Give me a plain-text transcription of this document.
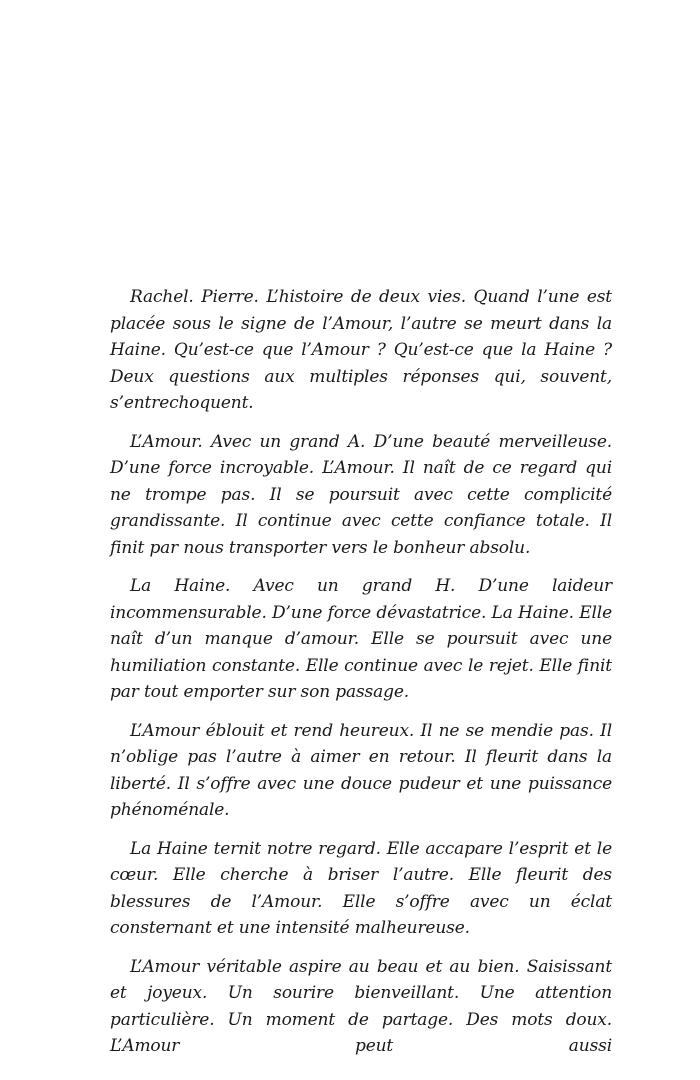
Rachel. Pierre. L’histoire de deux vies. Quand l’une est placée sous le signe de l’Amour, l’autre se meurt dans la Haine. Qu’est-ce que l’Amour ? Qu’est-ce que la Haine ? Deux questions aux multiples réponses qui, souvent, s’entrechoquent.

L’Amour. Avec un grand A. D’une beauté merveilleuse. D’une force incroyable. L’Amour. Il naît de ce regard qui ne trompe pas. Il se poursuit avec cette complicité grandissante. Il continue avec cette confiance totale. Il finit par nous transporter vers le bonheur absolu.

La Haine. Avec un grand H. D’une laideur incommensurable. D’une force dévastatrice. La Haine. Elle naît d’un manque d’amour. Elle se poursuit avec une humiliation constante. Elle continue avec le rejet. Elle finit par tout emporter sur son passage.

L’Amour éblouit et rend heureux. Il ne se mendie pas. Il n’oblige pas l’autre à aimer en retour. Il fleurit dans la liberté. Il s’offre avec une douce pudeur et une puissance phénoménale.

La Haine ternit notre regard. Elle accapare l’esprit et le cœur. Elle cherche à briser l’autre. Elle fleurit des blessures de l’Amour. Elle s’offre avec un éclat consternant et une intensité malheureuse.

L’Amour véritable aspire au beau et au bien. Saisissant et joyeux. Un sourire bienveillant. Une attention particulière. Un moment de partage. Des mots doux. L’Amour peut aussi
